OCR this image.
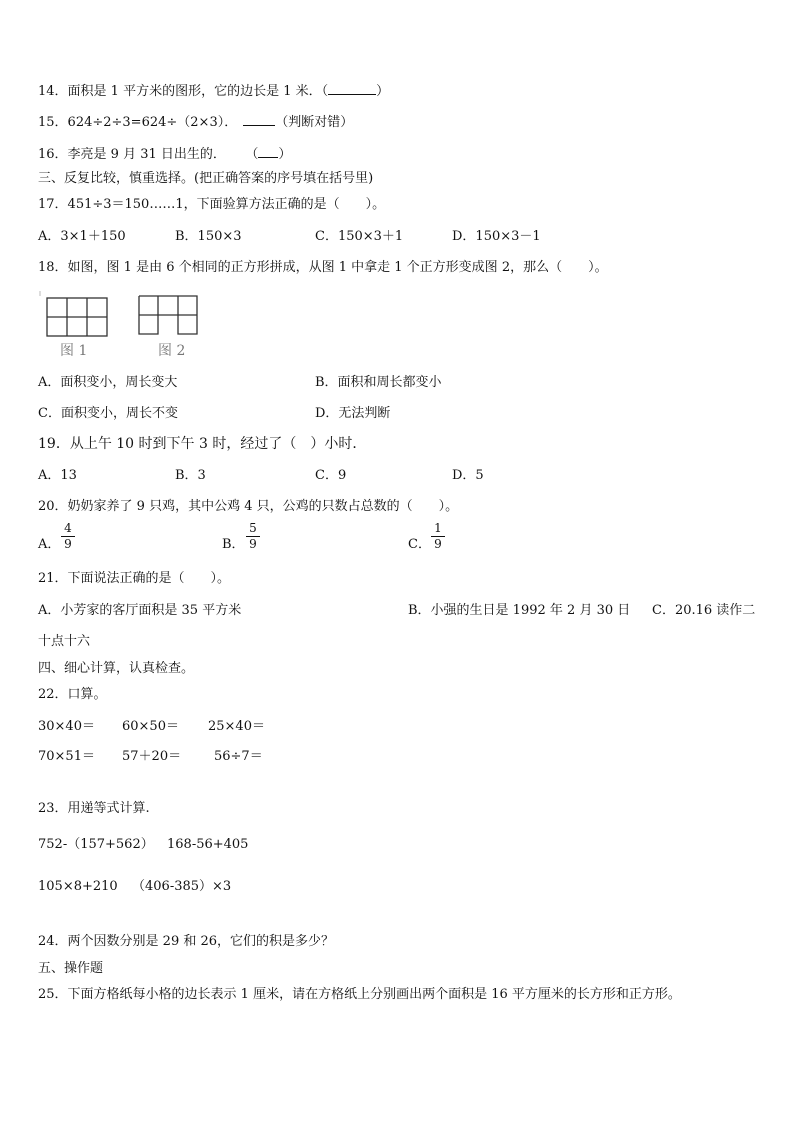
14．面积是 1 平方米的图形，它的边长是 1 米．（	）
15．624÷2÷3=624÷（2×3）．	（判断对错）
16．李亮是 9 月 31 日出生的． （ ）
三、反复比较，慎重选择。(把正确答案的序号填在括号里)
17．451÷3＝150……1，下面验算方法正确的是（　　）。
A．3×1＋150	B．150×3	C．150×3＋1	D．150×3－1
18．如图，图 1 是由 6 个相同的正方形拼成，从图 1 中拿走 1 个正方形变成图 2，那么（　　）。
图 1	图 2
A．面积变小，周长变大	B．面积和周长都变小
C．面积变小，周长不变	D．无法判断
19．从上午 10 时到下午 3 时，经过了（　）小时．
A．13	B．3	C．9	D．5
20．奶奶家养了 9 只鸡，其中公鸡 4 只，公鸡的只数占总数的（　　）。
A．
4
9	B．
5
9	C．
1
9
21．下面说法正确的是（　　）。
A．小芳家的客厅面积是 35 平方米	B．小强的生日是 1992 年 2 月 30 日 C．20.16 读作二
十点十六
四、细心计算，认真检查。
22．口算。
30×40＝ 60×50＝ 25×40＝
70×51＝ 57＋20＝	56÷7＝
23．用递等式计算.
752-（157+562） 168-56+405
105×8+210 （406-385）×3
24．两个因数分别是 29 和 26，它们的积是多少？
五、操作题
25．下面方格纸每小格的边长表示 1 厘米，请在方格纸上分别画出两个面积是 16 平方厘米的长方形和正方形。
